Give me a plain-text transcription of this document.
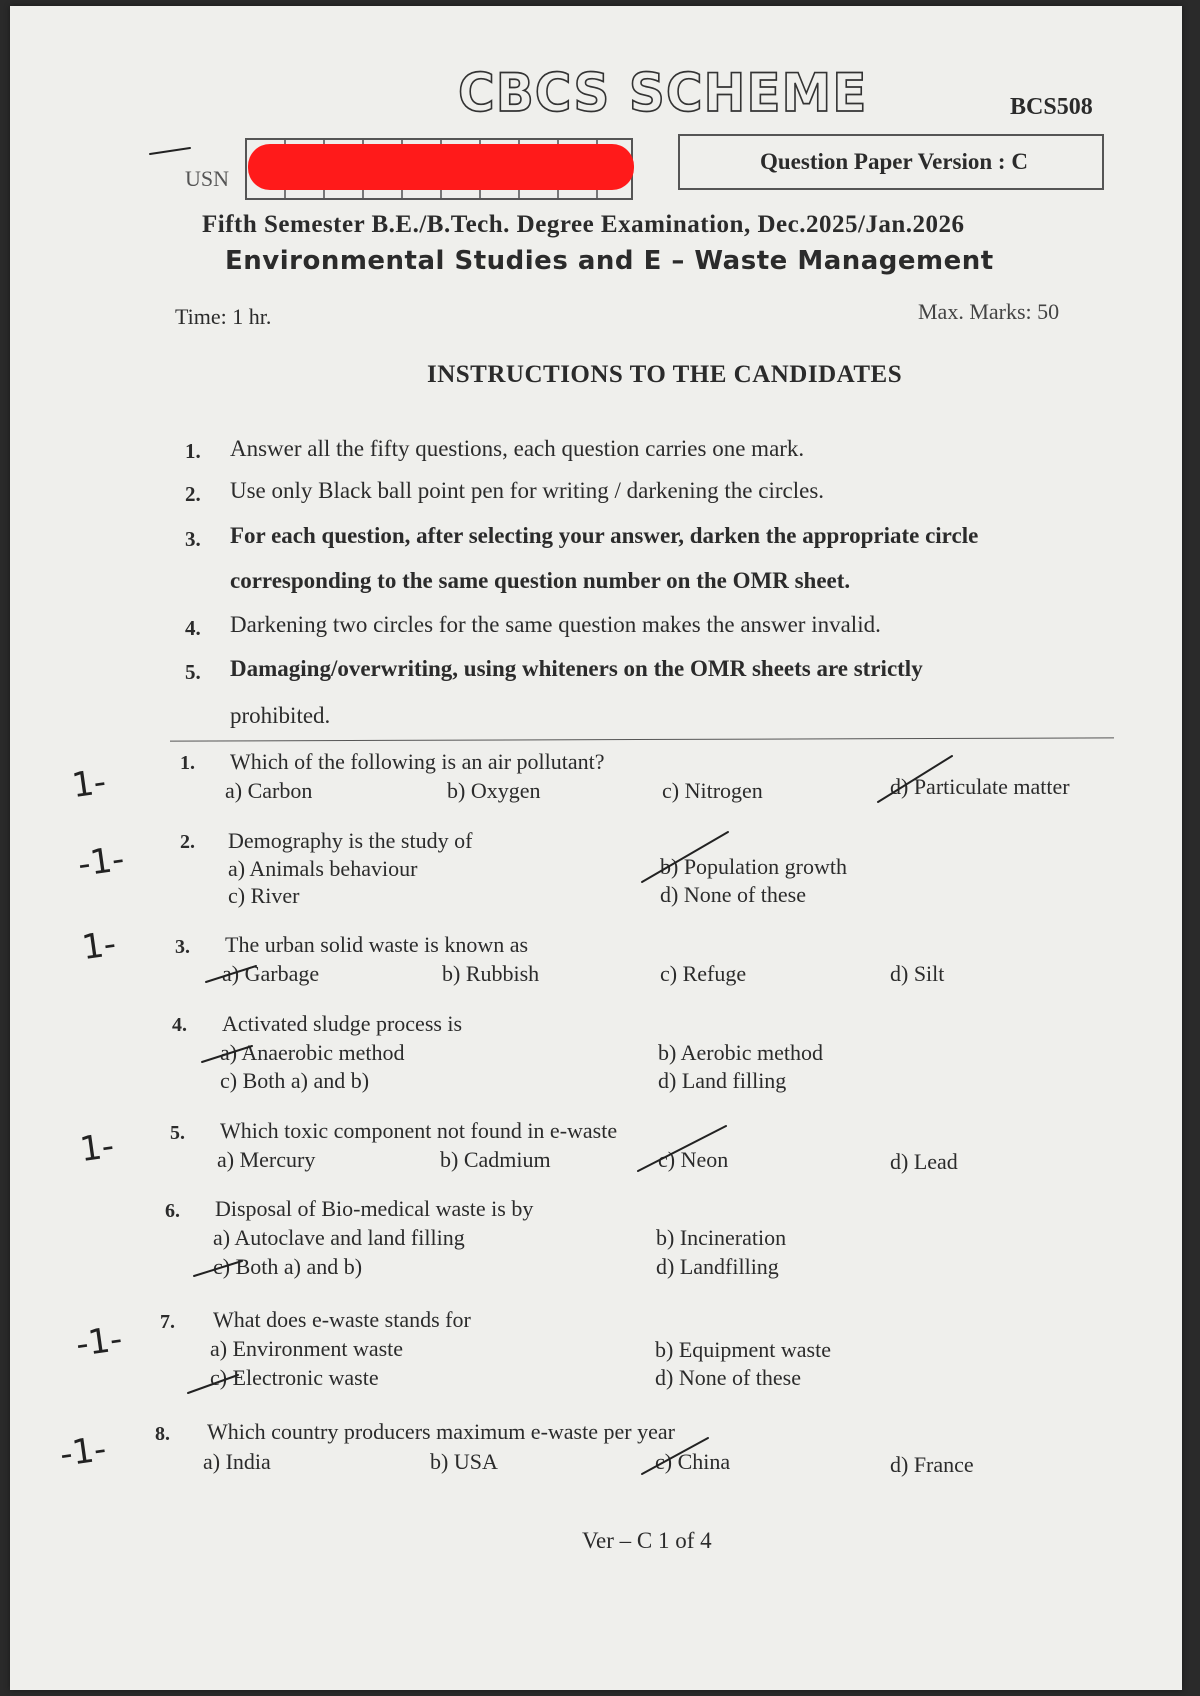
CBCS SCHEME	BCS508
USN
Question Paper Version : C
Fifth Semester B.E./B.Tech. Degree Examination, Dec.2025/Jan.2026
Environmental Studies and E – Waste Management
Time: 1 hr.	Max. Marks: 50
INSTRUCTIONS TO THE CANDIDATES
1. Answer all the fifty questions, each question carries one mark.
2. Use only Black ball point pen for writing / darkening the circles.
3. For each question, after selecting your answer, darken the appropriate circle
corresponding to the same question number on the OMR sheet.
4. Darkening two circles for the same question makes the answer invalid.
5. Damaging/overwriting, using whiteners on the OMR sheets are strictly
prohibited.
1. Which of the following is an air pollutant?
a) Carbon	b) Oxygen	c) Nitrogen	d) Particulate matter
2. Demography is the study of
a) Animals behaviour	b) Population growth
c) River	d) None of these
3. The urban solid waste is known as
a) Garbage	b) Rubbish	c) Refuge	d) Silt
4. Activated sludge process is
a) Anaerobic method	b) Aerobic method
c) Both a) and b)	d) Land filling
5. Which toxic component not found in e-waste
a) Mercury	b) Cadmium	c) Neon	d) Lead
6. Disposal of Bio-medical waste is by
a) Autoclave and land filling	b) Incineration
c) Both a) and b)	d) Landfilling
7. What does e-waste stands for
a) Environment waste	b) Equipment waste
c) Electronic waste	d) None of these
8. Which country producers maximum e-waste per year
a) India	b) USA	c) China	d) France
1-
-1-
1-
1-
-1-
-1-
Ver – C 1 of 4
